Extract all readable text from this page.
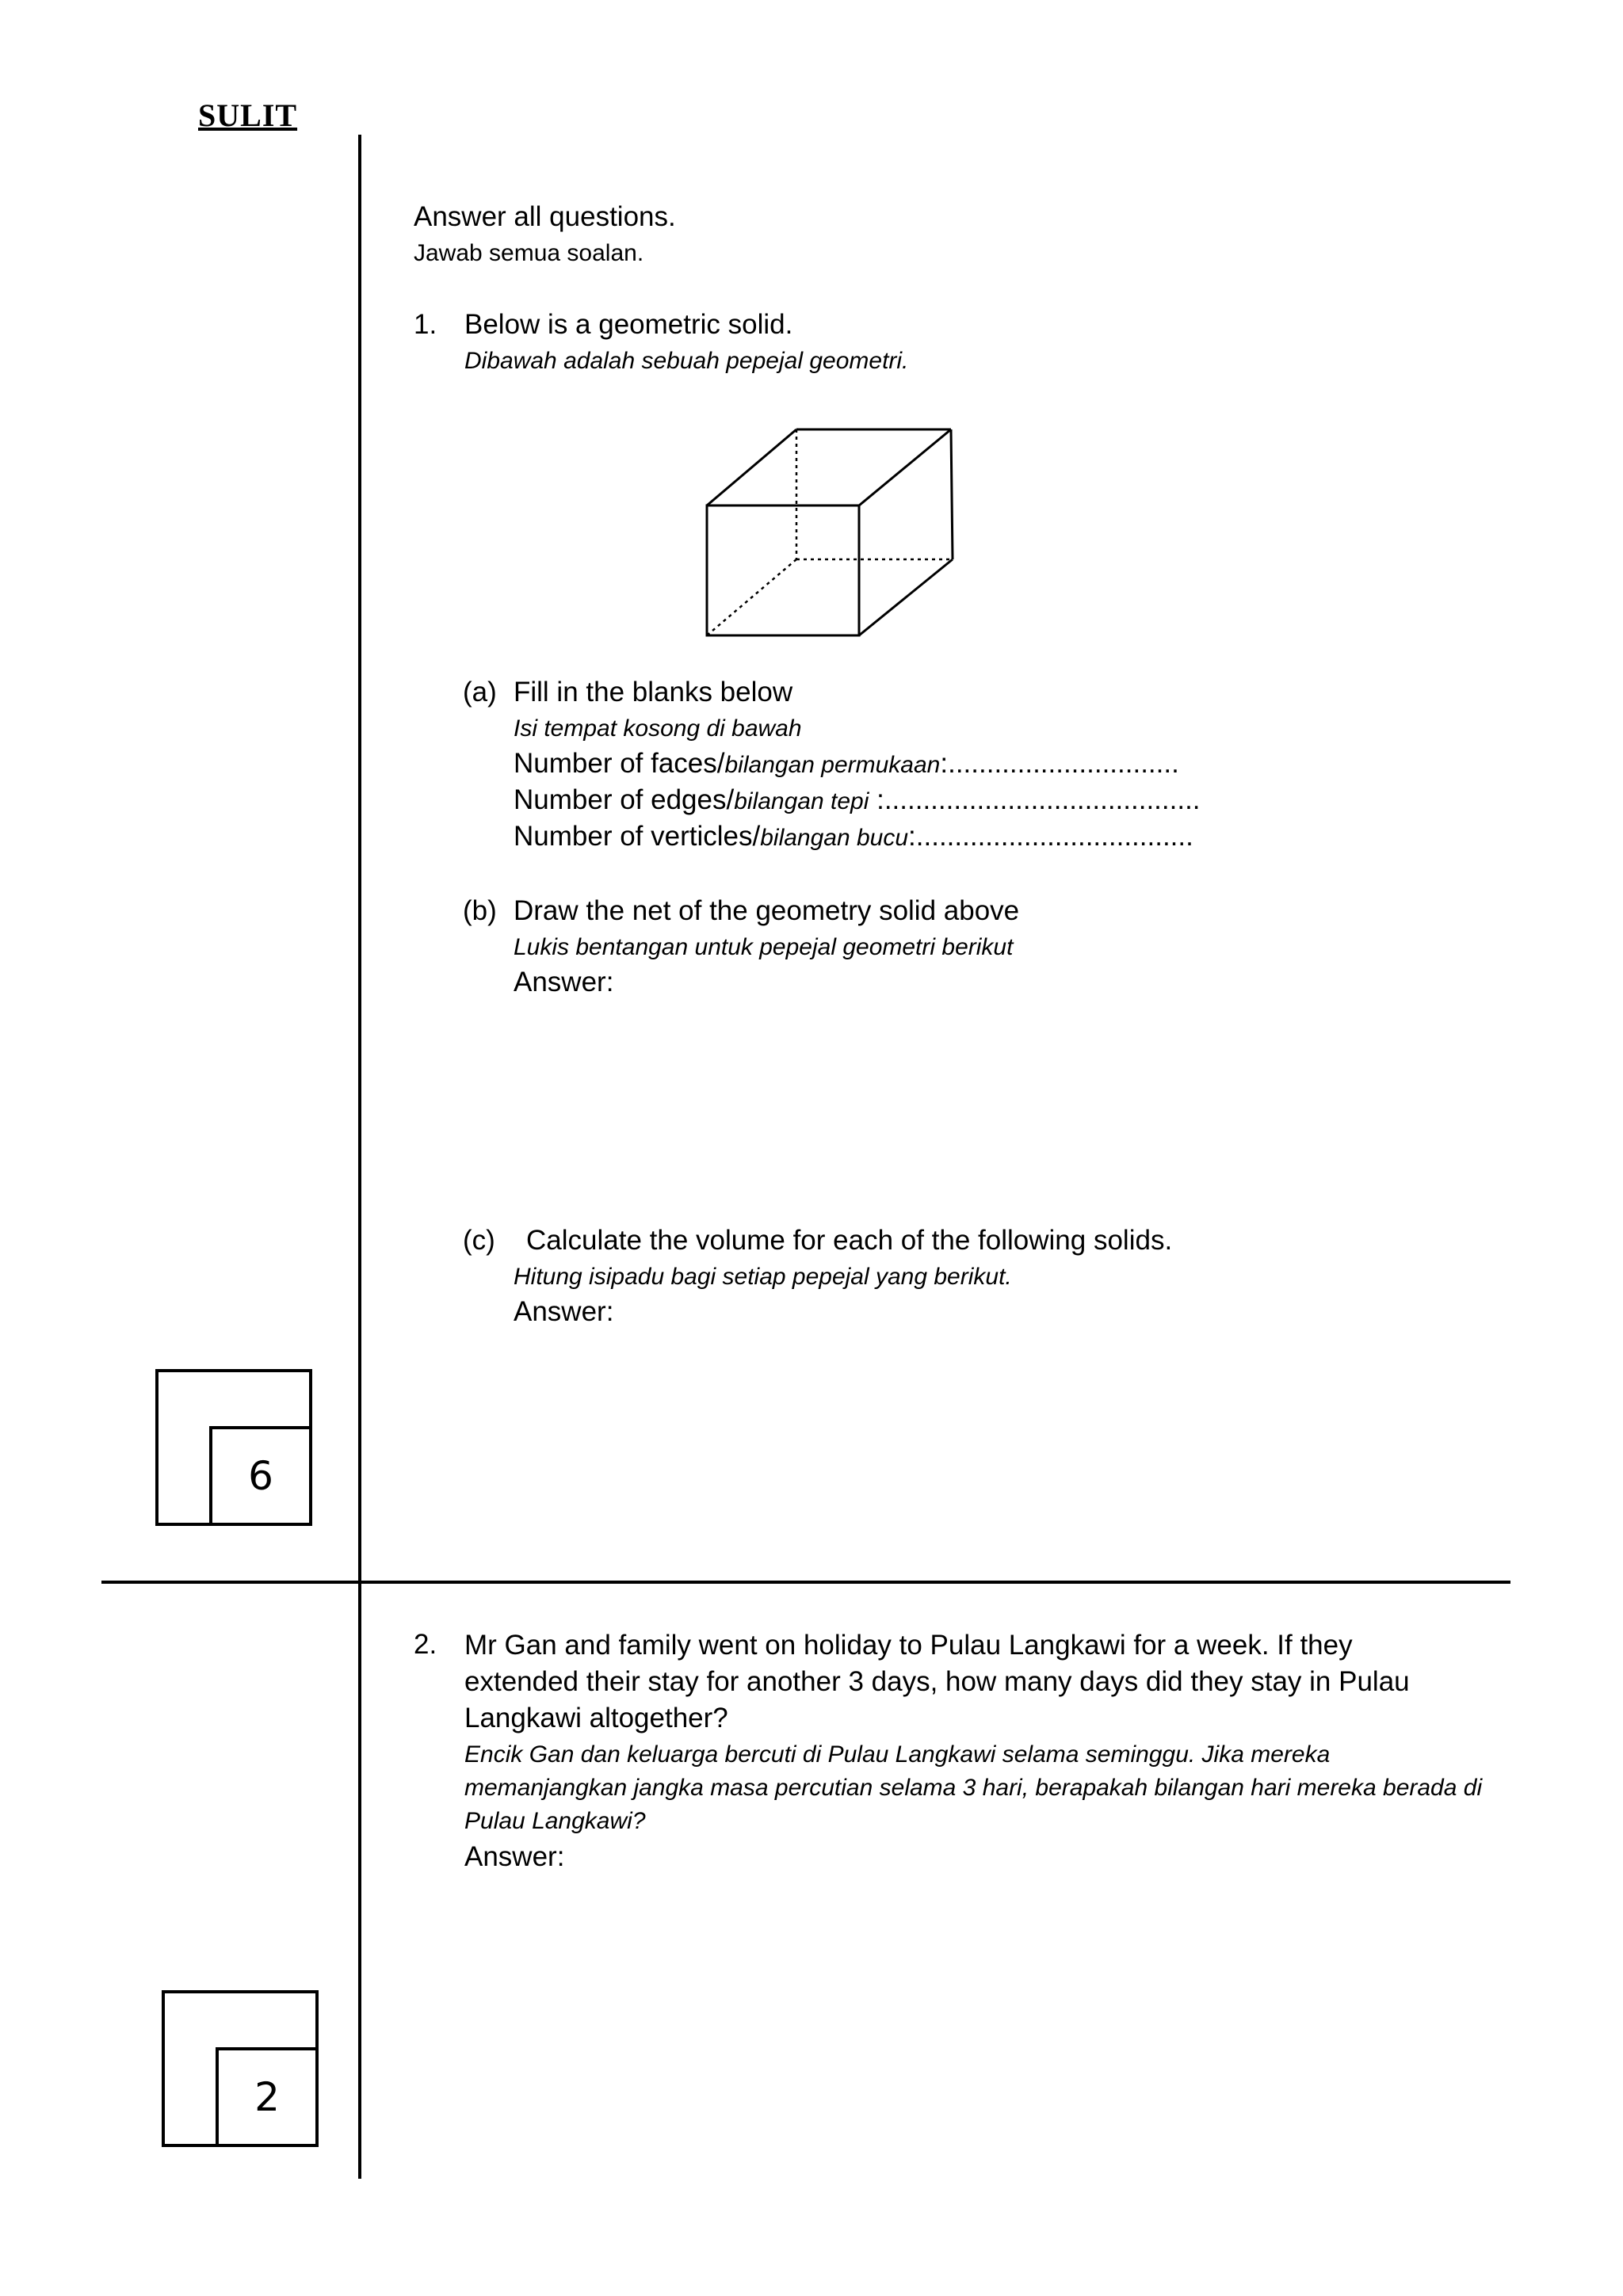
SULIT
Answer all questions.
Jawab semua soalan.
1. Below is a geometric solid.
Dibawah adalah sebuah pepejal geometri.
(a) Fill in the blanks below
Isi tempat kosong di bawah
Number of faces/bilangan permukaan:..............................
Number of edges/bilangan tepi :.........................................
Number of verticles/bilangan bucu:....................................
(b) Draw the net of the geometry solid above
Lukis bentangan untuk pepejal geometri berikut
Answer:
(c) Calculate the volume for each of the following solids.
Hitung isipadu bagi setiap pepejal yang berikut.
Answer:
6
2. Mr Gan and family went on holiday to Pulau Langkawi for a week. If they extended their stay for another 3 days, how many days did they stay in Pulau Langkawi altogether?
Encik Gan dan keluarga bercuti di Pulau Langkawi selama seminggu. Jika mereka memanjangkan jangka masa percutian selama 3 hari, berapakah bilangan hari mereka berada di Pulau Langkawi?
Answer:
2
